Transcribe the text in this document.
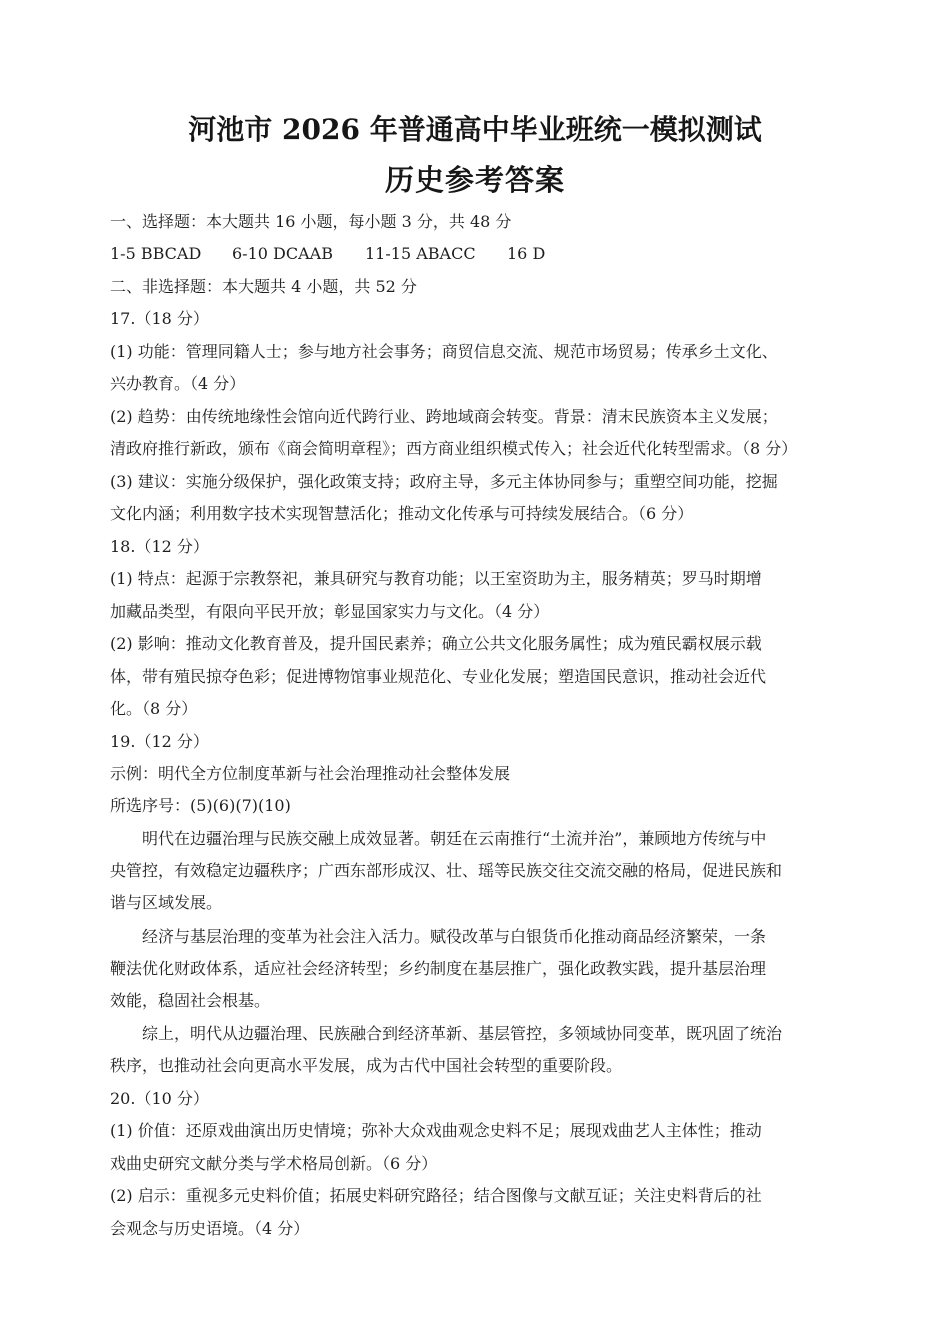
河池市 2026 年普通高中毕业班统一模拟测试
历史参考答案
一、选择题：本大题共 16 小题，每小题 3 分，共 48 分
1-5 BBCAD 6-10 DCAAB 11-15 ABACC 16 D
二、非选择题：本大题共 4 小题，共 52 分
17.（18 分）
(1) 功能：管理同籍人士；参与地方社会事务；商贸信息交流、规范市场贸易；传承乡土文化、
兴办教育。（4 分）
(2) 趋势：由传统地缘性会馆向近代跨行业、跨地域商会转变。背景：清末民族资本主义发展；
清政府推行新政，颁布《商会简明章程》；西方商业组织模式传入；社会近代化转型需求。（8 分）
(3) 建议：实施分级保护，强化政策支持；政府主导，多元主体协同参与；重塑空间功能，挖掘
文化内涵；利用数字技术实现智慧活化；推动文化传承与可持续发展结合。（6 分）
18.（12 分）
(1) 特点：起源于宗教祭祀，兼具研究与教育功能；以王室资助为主，服务精英；罗马时期增
加藏品类型，有限向平民开放；彰显国家实力与文化。（4 分）
(2) 影响：推动文化教育普及，提升国民素养；确立公共文化服务属性；成为殖民霸权展示载
体，带有殖民掠夺色彩；促进博物馆事业规范化、专业化发展；塑造国民意识，推动社会近代
化。（8 分）
19.（12 分）
示例：明代全方位制度革新与社会治理推动社会整体发展
所选序号：(5)(6)(7)(10)
明代在边疆治理与民族交融上成效显著。朝廷在云南推行“土流并治”，兼顾地方传统与中
央管控，有效稳定边疆秩序；广西东部形成汉、壮、瑶等民族交往交流交融的格局，促进民族和
谐与区域发展。
经济与基层治理的变革为社会注入活力。赋役改革与白银货币化推动商品经济繁荣，一条
鞭法优化财政体系，适应社会经济转型；乡约制度在基层推广，强化政教实践，提升基层治理
效能，稳固社会根基。
综上，明代从边疆治理、民族融合到经济革新、基层管控，多领域协同变革，既巩固了统治
秩序，也推动社会向更高水平发展，成为古代中国社会转型的重要阶段。
20.（10 分）
(1) 价值：还原戏曲演出历史情境；弥补大众戏曲观念史料不足；展现戏曲艺人主体性；推动
戏曲史研究文献分类与学术格局创新。（6 分）
(2) 启示：重视多元史料价值；拓展史料研究路径；结合图像与文献互证；关注史料背后的社
会观念与历史语境。（4 分）
